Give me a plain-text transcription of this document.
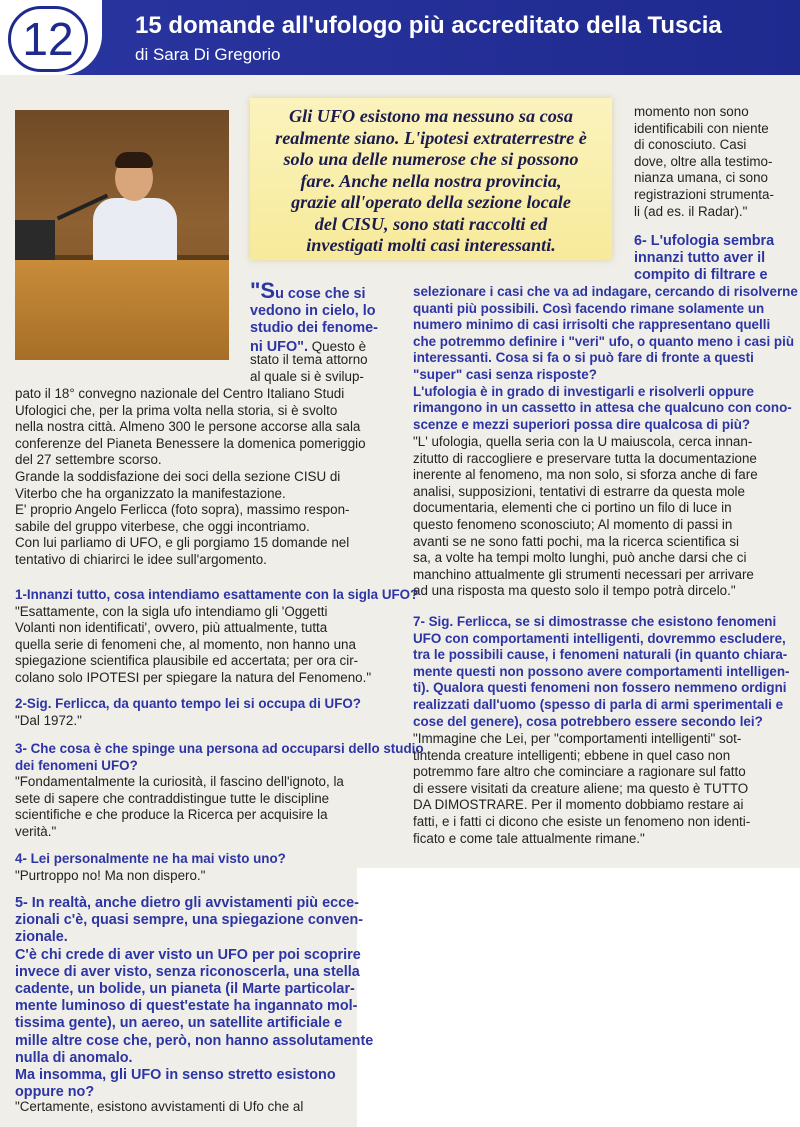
12	15 domande all'ufologo più accreditato della Tuscia
di Sara Di Gregorio

Gli UFO esistono ma nessuno sa cosa
realmente siano. L'ipotesi extraterrestre è
solo una delle numerose che si possono
fare. Anche nella nostra provincia,
grazie all'operato della sezione locale
del CISU, sono stati raccolti ed
investigati molti casi interessanti.

"Su cose che si
vedono in cielo, lo
studio dei fenome-
ni UFO". Questo è
stato il tema attorno
al quale si è svilup-
pato il 18° convegno nazionale del Centro Italiano Studi
Ufologici che, per la prima volta nella storia, si è svolto
nella nostra città. Almeno 300 le persone accorse alla sala
conferenze del Pianeta Benessere la domenica pomeriggio
del 27 settembre scorso.
Grande la soddisfazione dei soci della sezione CISU di
Viterbo che ha organizzato la manifestazione.
E' proprio Angelo Ferlicca (foto sopra), massimo respon-
sabile del gruppo viterbese, che oggi incontriamo.
Con lui parliamo di UFO, e gli porgiamo 15 domande nel
tentativo di chiarirci le idee sull'argomento.
1-Innanzi tutto, cosa intendiamo esattamente con la sigla UFO?
"Esattamente, con la sigla ufo intendiamo gli 'Oggetti
Volanti non identificati', ovvero, più attualmente, tutta
quella serie di fenomeni che, al momento, non hanno una
spiegazione scientifica plausibile ed accertata; per ora cir-
colano solo IPOTESI per spiegare la natura del Fenomeno."
2-Sig. Ferlicca, da quanto tempo lei si occupa di UFO?
"Dal 1972."
3- Che cosa è che spinge una persona ad occuparsi dello studio
dei fenomeni UFO?
"Fondamentalmente la curiosità, il fascino dell'ignoto, la
sete di sapere che contraddistingue tutte le discipline
scientifiche e che produce la Ricerca per acquisire la
verità."
4- Lei personalmente ne ha mai visto uno?
"Purtroppo no! Ma non dispero."
5- In realtà, anche dietro gli avvistamenti più ecce-
zionali c'è, quasi sempre, una spiegazione conven-
zionale.
C'è chi crede di aver visto un UFO per poi scoprire
invece di aver visto, senza riconoscerla, una stella
cadente, un bolide, un pianeta (il Marte particolar-
mente luminoso di quest'estate ha ingannato mol-
tissima gente), un aereo, un satellite artificiale e
mille altre cose che, però, non hanno assolutamente
nulla di anomalo.
Ma insomma, gli UFO in senso stretto esistono
oppure no?
"Certamente, esistono avvistamenti di Ufo che al
momento non sono
identificabili con niente
di conosciuto. Casi
dove, oltre alla testimo-
nianza umana, ci sono
registrazioni strumenta-
li (ad es. il Radar)."
6- L'ufologia sembra
innanzi tutto aver il
compito di filtrare e
selezionare i casi che va ad indagare, cercando di risolverne
quanti più possibili. Così facendo rimane solamente un
numero minimo di casi irrisolti che rappresentano quelli
che potremmo definire i "veri" ufo, o quanto meno i casi più
interessanti. Cosa si fa o si può fare di fronte a questi
"super" casi senza risposte?
L'ufologia è in grado di investigarli e risolverli oppure
rimangono in un cassetto in attesa che qualcuno con cono-
scenze e mezzi superiori possa dire qualcosa di più?
"L' ufologia, quella seria con la U maiuscola, cerca innan-
zitutto di raccogliere e preservare tutta la documentazione
inerente al fenomeno, ma non solo, si sforza anche di fare
analisi, supposizioni, tentativi di estrarre da questa mole
documentaria, elementi che ci portino un filo di luce in
questo fenomeno sconosciuto; Al momento di passi in
avanti se ne sono fatti pochi, ma la ricerca scientifica si
sa, a volte ha tempi molto lunghi, può anche darsi che ci
manchino attualmente gli strumenti necessari per arrivare
ad una risposta ma questo solo il tempo potrà dircelo."
7- Sig. Ferlicca, se si dimostrasse che esistono fenomeni
UFO con comportamenti intelligenti, dovremmo escludere,
tra le possibili cause, i fenomeni naturali (in quanto chiara-
mente questi non possono avere comportamenti intelligen-
ti). Qualora questi fenomeni non fossero nemmeno ordigni
realizzati dall'uomo (spesso di parla di armi sperimentali e
cose del genere), cosa potrebbero essere secondo lei?
"Immagine che Lei, per "comportamenti intelligenti" sot-
tintenda creature intelligenti; ebbene in quel caso non
potremmo fare altro che cominciare a ragionare sul fatto
di essere visitati da creature aliene; ma questo è TUTTO
DA DIMOSTRARE. Per il momento dobbiamo restare ai
fatti, e i fatti ci dicono che esiste un fenomeno non identi-
ficato e come tale attualmente rimane."
